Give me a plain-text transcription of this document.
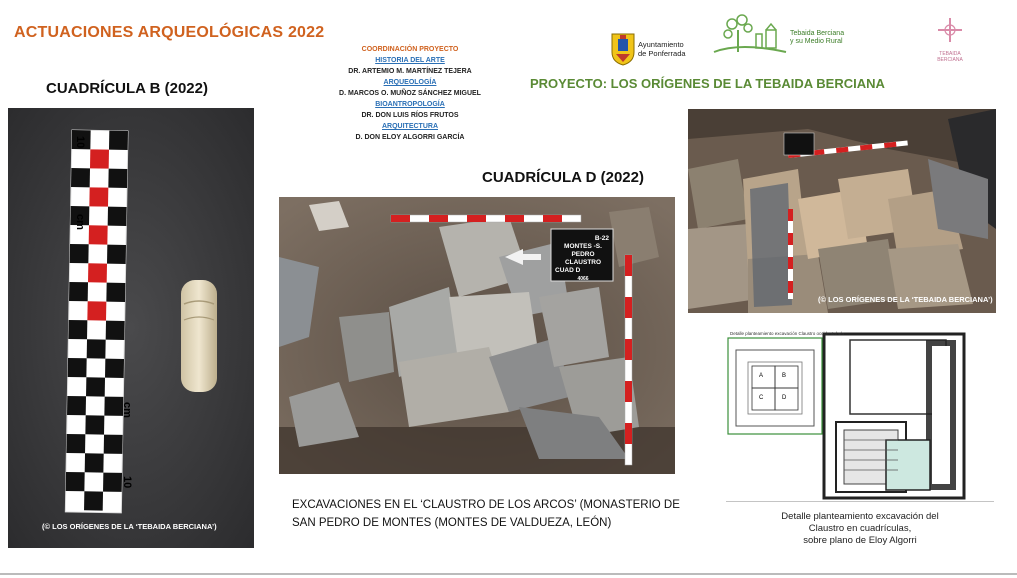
ACTUACIONES ARQUEOLÓGICAS 2022
COORDINACIÓN PROYECTO
HISTORIA DEL ARTE
DR. ARTEMIO M. MARTÍNEZ TEJERA
ARQUEOLOGÍA
D. MARCOS O. MUÑOZ SÁNCHEZ MIGUEL
BIOANTROPOLOGÍA
DR. DON LUIS RÍOS FRUTOS
ARQUITECTURA
D. DON ELOY ALGORRI GARCÍA
Ayuntamiento
de Ponferrada
Tebaida Berciana
y su Medio Rural
TEBAIDA BERCIANA
PROYECTO: LOS ORÍGENES DE LA TEBAIDA BERCIANA
CUADRÍCULA B (2022)
CUADRÍCULA D (2022)
10
cm
cm
10
(© LOS ORÍGENES DE LA ‘TEBAIDA BERCIANA’)
B-22
MONTES -S. PEDRO
CLAUSTRO
CUAD D
4066
(© LOS ORÍGENES DE LA ‘TEBAIDA BERCIANA’)
Detalle planteamiento excavación Claustro occidental s/n
A	B
C	D
EXCAVACIONES EN EL ‘CLAUSTRO DE LOS ARCOS’ (MONASTERIO DE
SAN PEDRO DE MONTES (MONTES DE VALDUEZA, LEÓN)
Detalle planteamiento excavación del
Claustro en cuadrículas,
sobre plano de Eloy Algorri
